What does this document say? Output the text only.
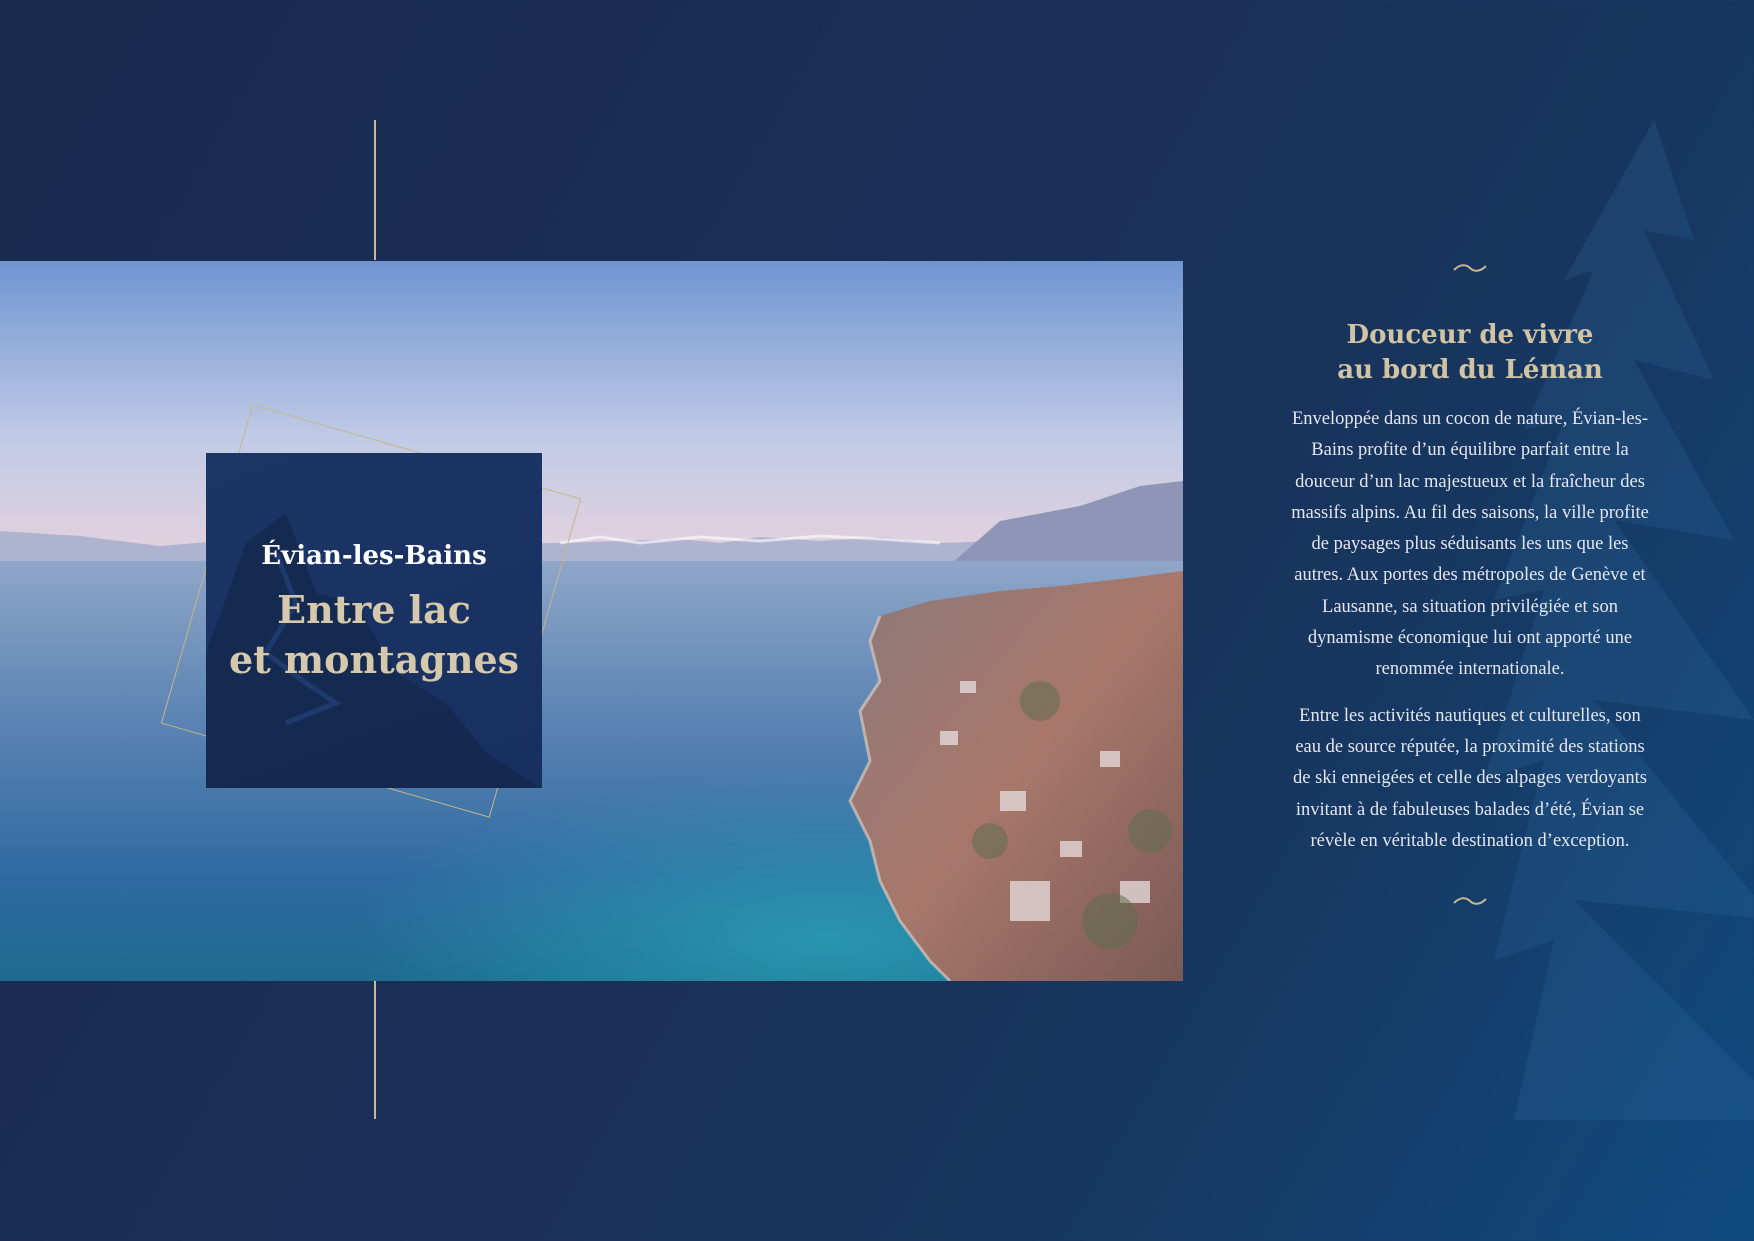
Évian-les-Bains

Entre lac
et montagnes

Douceur de vivre
au bord du Léman

Enveloppée dans un cocon de nature, Évian-les-Bains profite d’un équilibre parfait entre la douceur d’un lac majestueux et la fraîcheur des massifs alpins. Au fil des saisons, la ville profite de paysages plus séduisants les uns que les autres. Aux portes des métropoles de Genève et Lausanne, sa situation privilégiée et son dynamisme économique lui ont apporté une renommée internationale.

Entre les activités nautiques et culturelles, son eau de source réputée, la proximité des stations de ski enneigées et celle des alpages verdoyants invitant à de fabuleuses balades d’été, Évian se révèle en véritable destination d’exception.
